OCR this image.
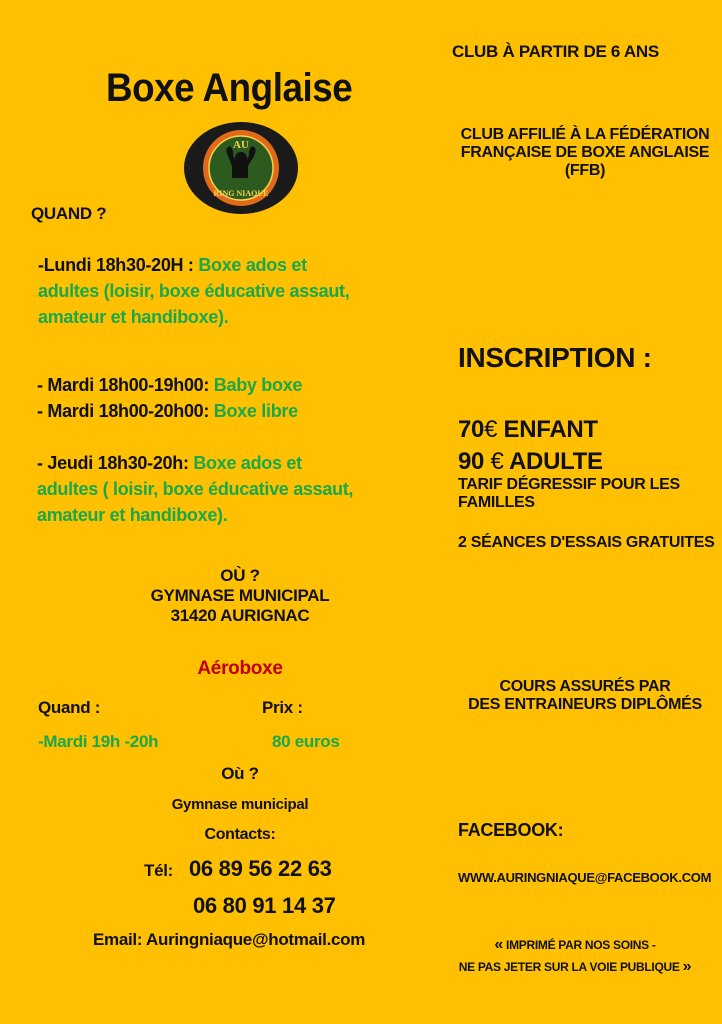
Boxe Anglaise
AU
RING NIAQUE
QUAND ?
-Lundi 18h30-20H : Boxe ados et
adultes (loisir, boxe éducative assaut,
amateur et handiboxe).
- Mardi 18h00-19h00: Baby boxe
- Mardi 18h00-20h00: Boxe libre
- Jeudi 18h30-20h: Boxe ados et
adultes ( loisir, boxe éducative assaut,
amateur et handiboxe).
OÙ ?
GYMNASE MUNICIPAL
31420 AURIGNAC
Aéroboxe
Quand :	Prix :
-Mardi 19h -20h	80 euros
Où ?
Gymnase municipal
Contacts:
Tél: 06 89 56 22 63
06 80 91 14 37
Email: Auringniaque@hotmail.com
CLUB À PARTIR DE 6 ANS
CLUB AFFILIÉ À LA FÉDÉRATION
FRANÇAISE DE BOXE ANGLAISE
(FFB)
INSCRIPTION :
70€ ENFANT
90 € ADULTE
TARIF DÉGRESSIF POUR LES
FAMILLES
2 SÉANCES D'ESSAIS GRATUITES
COURS ASSURÉS PAR
DES ENTRAINEURS DIPLÔMÉS
FACEBOOK:
WWW.AURINGNIAQUE@FACEBOOK.COM
« IMPRIMÉ PAR NOS SOINS -
NE PAS JETER SUR LA VOIE PUBLIQUE »
